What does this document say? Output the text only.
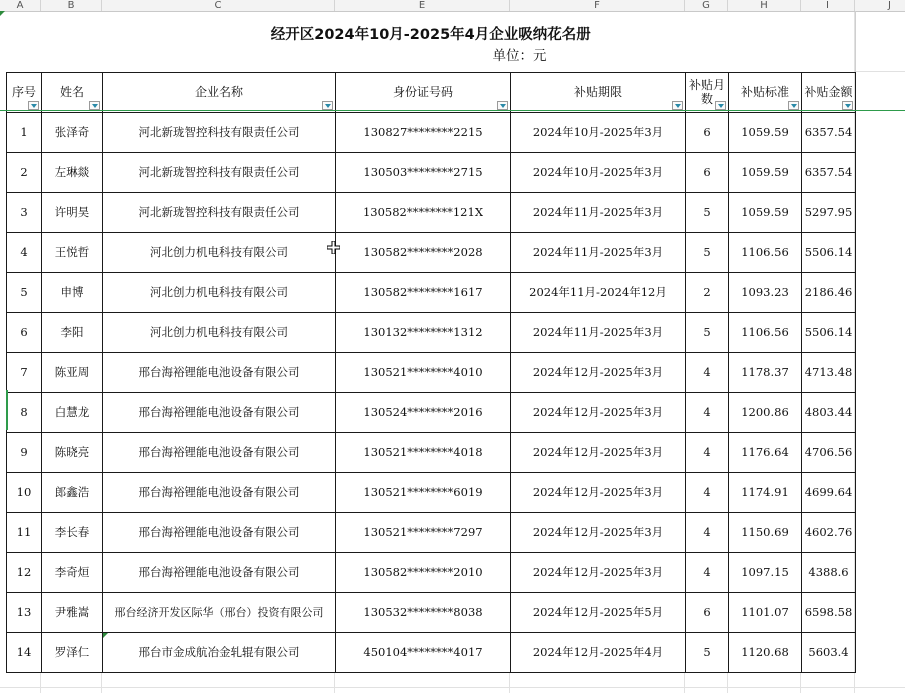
A	B	C	E	F	G	H	I	J
经开区2024年10月-2025年4月企业吸纳花名册
单位：元							

序号	姓名	企业名称	身份证号码	补贴期限	补贴月数	补贴标准	补贴金额

1	张泽奇	河北新珑智控科技有限责任公司	130827********2215	2024年10月-2025年3月	6	1059.59	6357.54
2	左琳燚	河北新珑智控科技有限责任公司	130503********2715	2024年10月-2025年3月	6	1059.59	6357.54
3	许明昊	河北新珑智控科技有限责任公司	130582********121X	2024年11月-2025年3月	5	1059.59	5297.95
4	王悦哲	河北创力机电科技有限公司	130582********2028	2024年11月-2025年3月	5	1106.56	5506.14
5	申博	河北创力机电科技有限公司	130582********1617	2024年11月-2024年12月	2	1093.23	2186.46
6	李阳	河北创力机电科技有限公司	130132********1312	2024年11月-2025年3月	5	1106.56	5506.14
7	陈亚周	邢台海裕锂能电池设备有限公司	130521********4010	2024年12月-2025年3月	4	1178.37	4713.48
8	白慧龙	邢台海裕锂能电池设备有限公司	130524********2016	2024年12月-2025年3月	4	1200.86	4803.44
9	陈晓亮	邢台海裕锂能电池设备有限公司	130521********4018	2024年12月-2025年3月	4	1176.64	4706.56
10	郎鑫浩	邢台海裕锂能电池设备有限公司	130521********6019	2024年12月-2025年3月	4	1174.91	4699.64
11	李长春	邢台海裕锂能电池设备有限公司	130521********7297	2024年12月-2025年3月	4	1150.69	4602.76
12	李奇烜	邢台海裕锂能电池设备有限公司	130582********2010	2024年12月-2025年3月	4	1097.15	4388.6
13	尹雅嵩	邢台经济开发区际华（邢台）投资有限公司	130532********8038	2024年12月-2025年5月	6	1101.07	6598.58
14	罗泽仁	邢台市金成航冶金轧辊有限公司	450104********4017	2024年12月-2025年4月	5	1120.68	5603.4
